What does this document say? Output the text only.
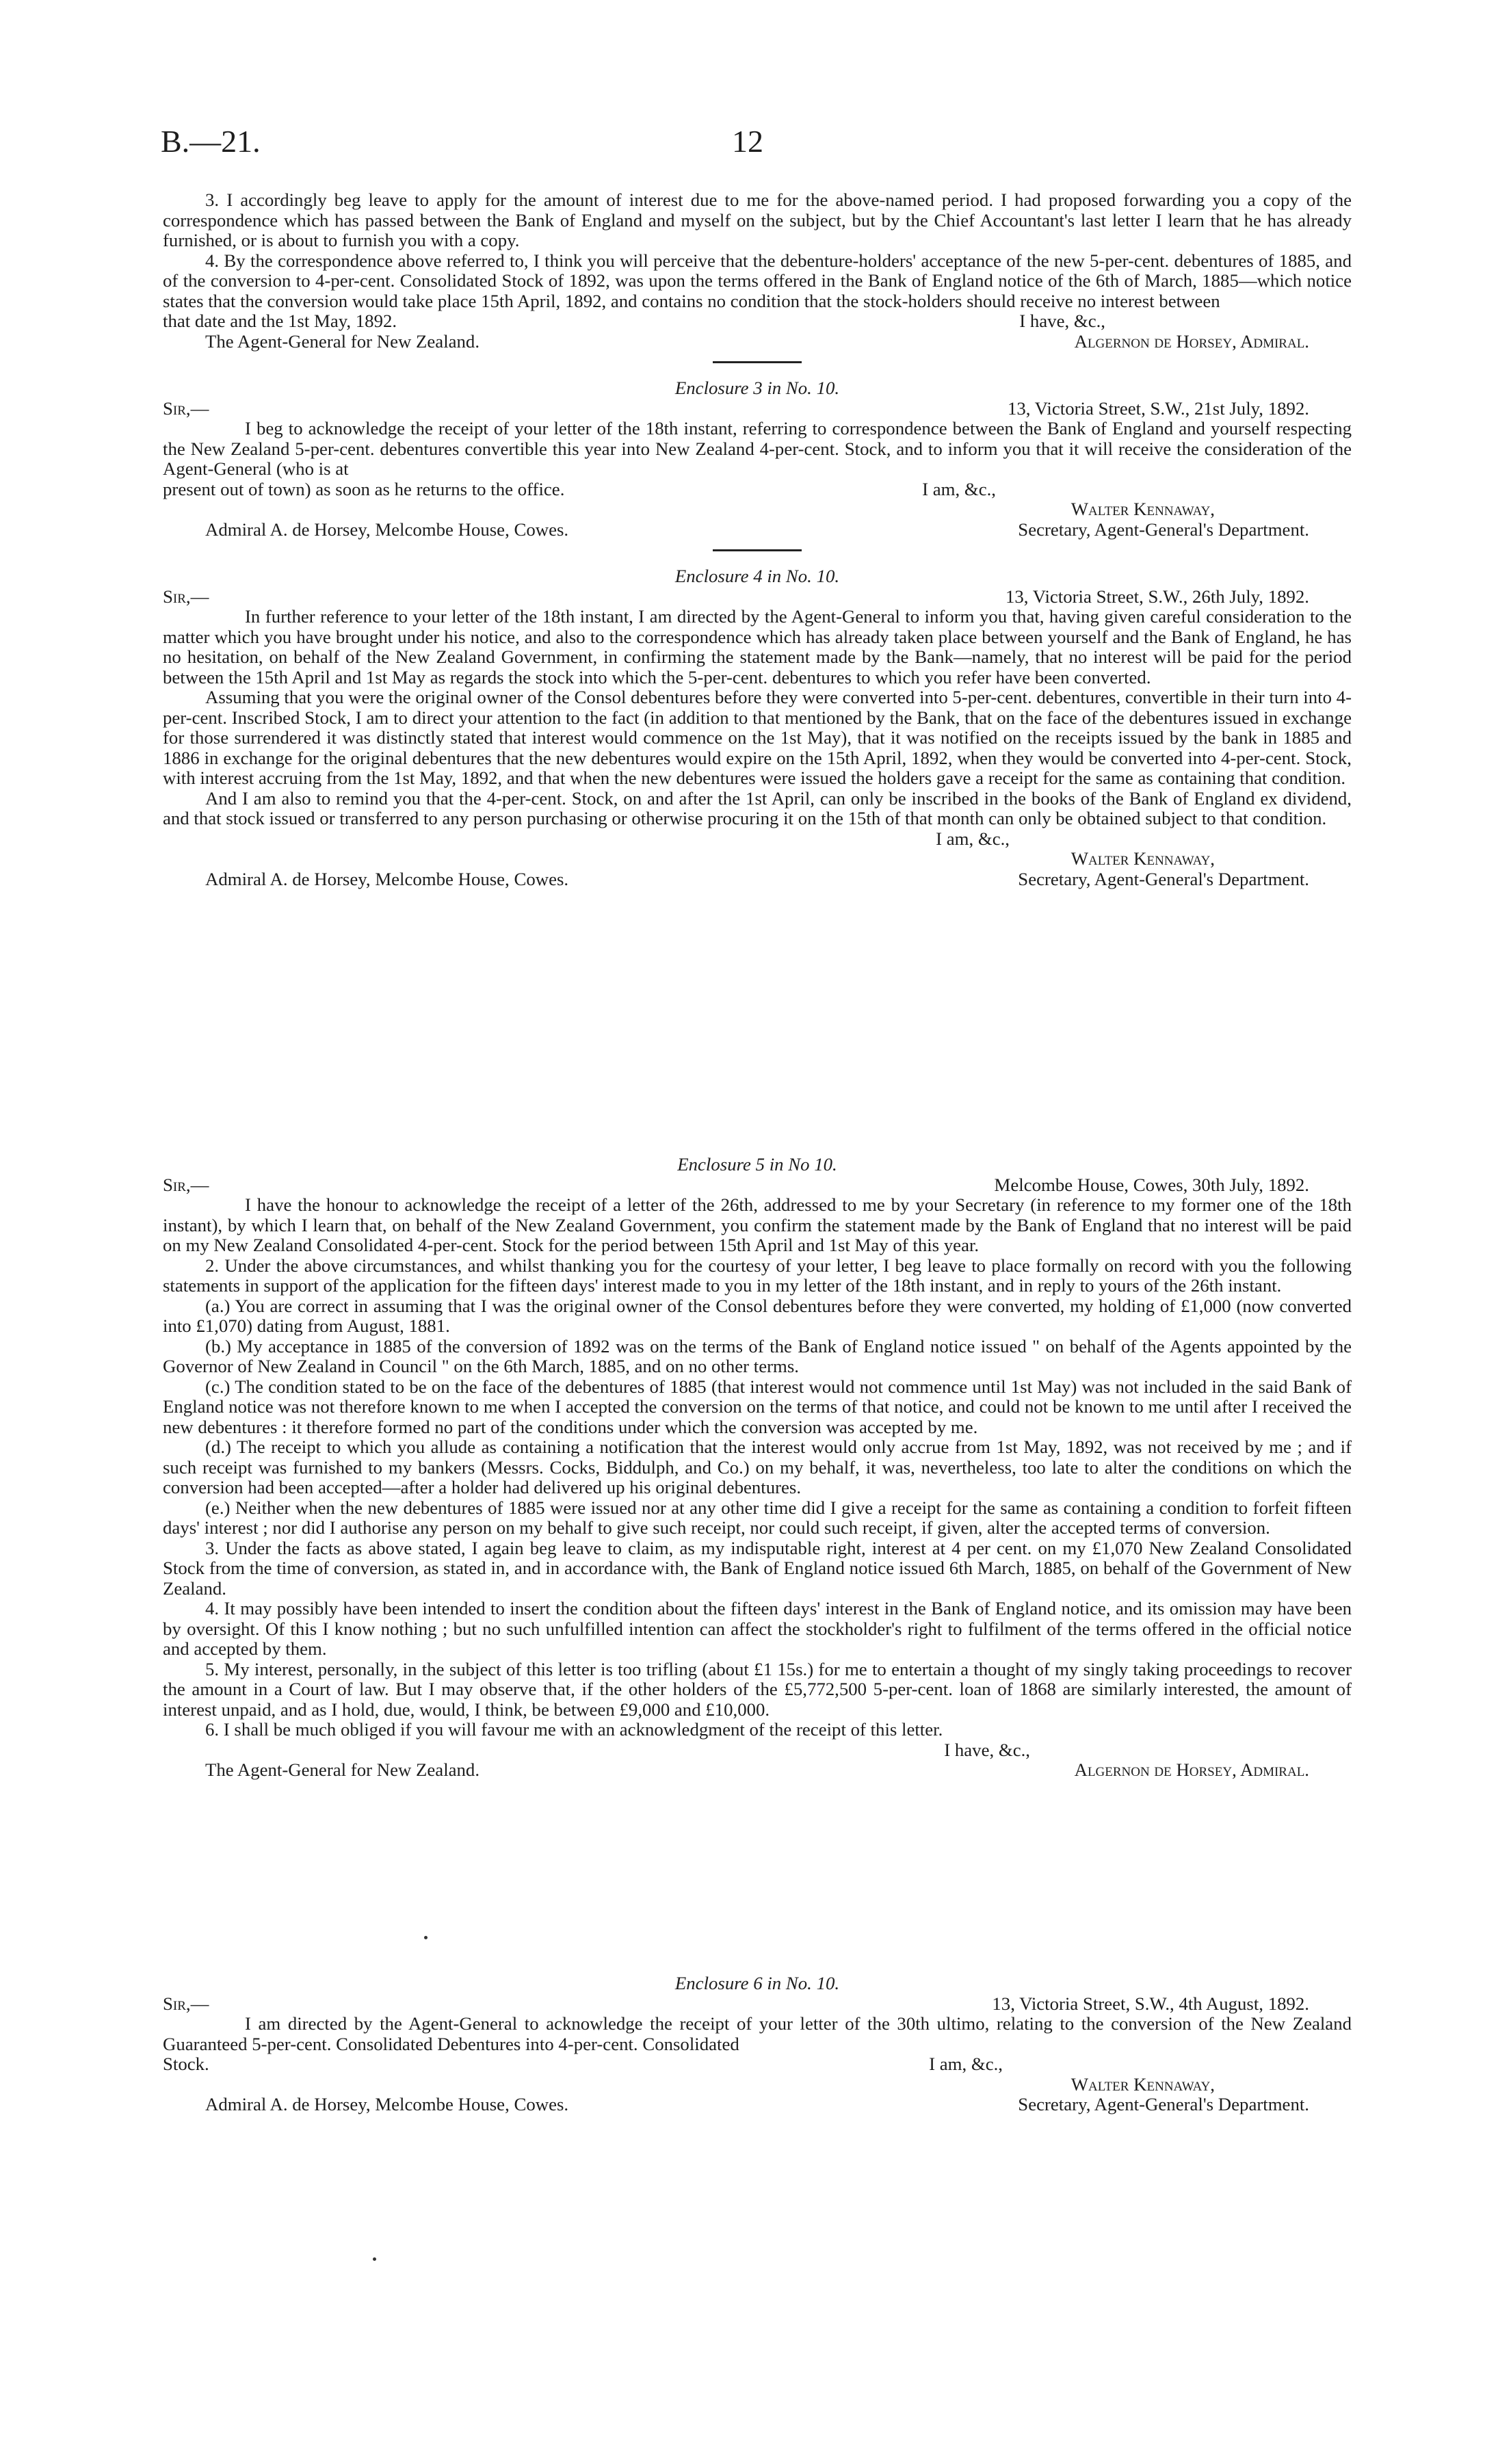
B.—21.	12

3. I accordingly beg leave to apply for the amount of interest due to me for the above-named period. I had proposed forwarding you a copy of the correspondence which has passed between the Bank of England and myself on the subject, but by the Chief Accountant's last letter I learn that he has already furnished, or is about to furnish you with a copy.

4. By the correspondence above referred to, I think you will perceive that the debenture-holders' acceptance of the new 5-per-cent. debentures of 1885, and of the conversion to 4-per-cent. Consolidated Stock of 1892, was upon the terms offered in the Bank of England notice of the 6th of March, 1885—which notice states that the conversion would take place 15th April, 1892, and contains no condition that the stock-holders should receive no interest between

that date and the 1st May, 1892.	I have, &c.,
The Agent-General for New Zealand.	Algernon de Horsey, Admiral.

Enclosure 3 in No. 10.

Sir,—	13, Victoria Street, S.W., 21st July, 1892.

I beg to acknowledge the receipt of your letter of the 18th instant, referring to correspondence between the Bank of England and yourself respecting the New Zealand 5-per-cent. debentures convertible this year into New Zealand 4-per-cent. Stock, and to inform you that it will receive the consideration of the Agent-General (who is at

present out of town) as soon as he returns to the office.	I am, &c.,
Walter Kennaway,
Admiral A. de Horsey, Melcombe House, Cowes.	Secretary, Agent-General's Department.

Enclosure 4 in No. 10.

Sir,—	13, Victoria Street, S.W., 26th July, 1892.

In further reference to your letter of the 18th instant, I am directed by the Agent-General to inform you that, having given careful consideration to the matter which you have brought under his notice, and also to the correspondence which has already taken place between yourself and the Bank of England, he has no hesitation, on behalf of the New Zealand Government, in confirming the statement made by the Bank—namely, that no interest will be paid for the period between the 15th April and 1st May as regards the stock into which the 5-per-cent. debentures to which you refer have been converted.

Assuming that you were the original owner of the Consol debentures before they were converted into 5-per-cent. debentures, convertible in their turn into 4-per-cent. Inscribed Stock, I am to direct your attention to the fact (in addition to that mentioned by the Bank, that on the face of the debentures issued in exchange for those surrendered it was distinctly stated that interest would commence on the 1st May), that it was notified on the receipts issued by the bank in 1885 and 1886 in exchange for the original debentures that the new debentures would expire on the 15th April, 1892, when they would be converted into 4-per-cent. Stock, with interest accruing from the 1st May, 1892, and that when the new debentures were issued the holders gave a receipt for the same as containing that condition.

And I am also to remind you that the 4-per-cent. Stock, on and after the 1st April, can only be inscribed in the books of the Bank of England ex dividend, and that stock issued or transferred to any person purchasing or otherwise procuring it on the 15th of that month can only be obtained subject to that condition.

I am, &c.,
Walter Kennaway,
Admiral A. de Horsey, Melcombe House, Cowes.	Secretary, Agent-General's Department.

Enclosure 5 in No 10.

Sir,—	Melcombe House, Cowes, 30th July, 1892.

I have the honour to acknowledge the receipt of a letter of the 26th, addressed to me by your Secretary (in reference to my former one of the 18th instant), by which I learn that, on behalf of the New Zealand Government, you confirm the statement made by the Bank of England that no interest will be paid on my New Zealand Consolidated 4-per-cent. Stock for the period between 15th April and 1st May of this year.

2. Under the above circumstances, and whilst thanking you for the courtesy of your letter, I beg leave to place formally on record with you the following statements in support of the application for the fifteen days' interest made to you in my letter of the 18th instant, and in reply to yours of the 26th instant.

(a.) You are correct in assuming that I was the original owner of the Consol debentures before they were converted, my holding of £1,000 (now converted into £1,070) dating from August, 1881.

(b.) My acceptance in 1885 of the conversion of 1892 was on the terms of the Bank of England notice issued " on behalf of the Agents appointed by the Governor of New Zealand in Council " on the 6th March, 1885, and on no other terms.

(c.) The condition stated to be on the face of the debentures of 1885 (that interest would not commence until 1st May) was not included in the said Bank of England notice was not therefore known to me when I accepted the conversion on the terms of that notice, and could not be known to me until after I received the new debentures : it therefore formed no part of the conditions under which the conversion was accepted by me.

(d.) The receipt to which you allude as containing a notification that the interest would only accrue from 1st May, 1892, was not received by me ; and if such receipt was furnished to my bankers (Messrs. Cocks, Biddulph, and Co.) on my behalf, it was, nevertheless, too late to alter the conditions on which the conversion had been accepted—after a holder had delivered up his original debentures.

(e.) Neither when the new debentures of 1885 were issued nor at any other time did I give a receipt for the same as containing a condition to forfeit fifteen days' interest ; nor did I authorise any person on my behalf to give such receipt, nor could such receipt, if given, alter the accepted terms of conversion.

3. Under the facts as above stated, I again beg leave to claim, as my indisputable right, interest at 4 per cent. on my £1,070 New Zealand Consolidated Stock from the time of conversion, as stated in, and in accordance with, the Bank of England notice issued 6th March, 1885, on behalf of the Government of New Zealand.

4. It may possibly have been intended to insert the condition about the fifteen days' interest in the Bank of England notice, and its omission may have been by oversight. Of this I know nothing ; but no such unfulfilled intention can affect the stockholder's right to fulfilment of the terms offered in the official notice and accepted by them.

5. My interest, personally, in the subject of this letter is too trifling (about £1 15s.) for me to entertain a thought of my singly taking proceedings to recover the amount in a Court of law. But I may observe that, if the other holders of the £5,772,500 5-per-cent. loan of 1868 are similarly interested, the amount of interest unpaid, and as I hold, due, would, I think, be between £9,000 and £10,000.

6. I shall be much obliged if you will favour me with an acknowledgment of the receipt of this letter.

I have, &c.,
The Agent-General for New Zealand.	Algernon de Horsey, Admiral.

Enclosure 6 in No. 10.

Sir,—	13, Victoria Street, S.W., 4th August, 1892.

I am directed by the Agent-General to acknowledge the receipt of your letter of the 30th ultimo, relating to the conversion of the New Zealand Guaranteed 5-per-cent. Consolidated Debentures into 4-per-cent. Consolidated

Stock.	I am, &c.,
Walter Kennaway,
Admiral A. de Horsey, Melcombe House, Cowes.	Secretary, Agent-General's Department.
